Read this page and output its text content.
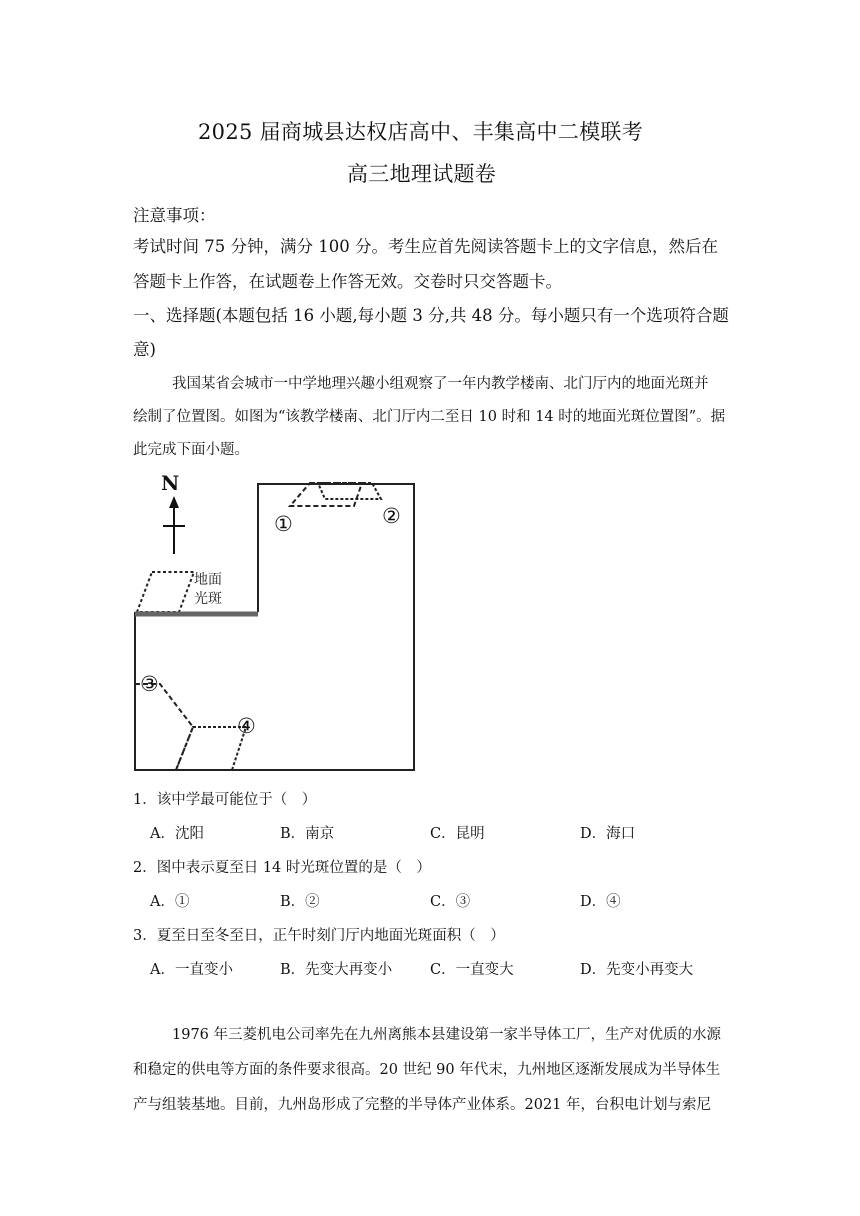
2025 届商城县达权店高中、丰集高中二模联考
高三地理试题卷
注意事项：
考试时间 75 分钟，满分 100 分。考生应首先阅读答题卡上的文字信息，然后在
答题卡上作答，在试题卷上作答无效。交卷时只交答题卡。
一、选择题(本题包括 16 小题,每小题 3 分,共 48 分。每小题只有一个选项符合题
意)
我国某省会城市一中学地理兴趣小组观察了一年内教学楼南、北门厅内的地面光斑并
绘制了位置图。如图为“该教学楼南、北门厅内二至日 10 时和 14 时的地面光斑位置图”。据
此完成下面小题。
N
地面
光斑
①	②
③
④
1．该中学最可能位于（　）
A．沈阳	B．南京	C．昆明	D．海口
2．图中表示夏至日 14 时光斑位置的是（　）
A．①	B．②	C．③	D．④
3．夏至日至冬至日，正午时刻门厅内地面光斑面积（　）
A．一直变小	B．先变大再变小	C．一直变大	D．先变小再变大
1976 年三菱机电公司率先在九州离熊本县建设第一家半导体工厂，生产对优质的水源
和稳定的供电等方面的条件要求很高。20 世纪 90 年代末，九州地区逐渐发展成为半导体生
产与组装基地。目前，九州岛形成了完整的半导体产业体系。2021 年，台积电计划与索尼
